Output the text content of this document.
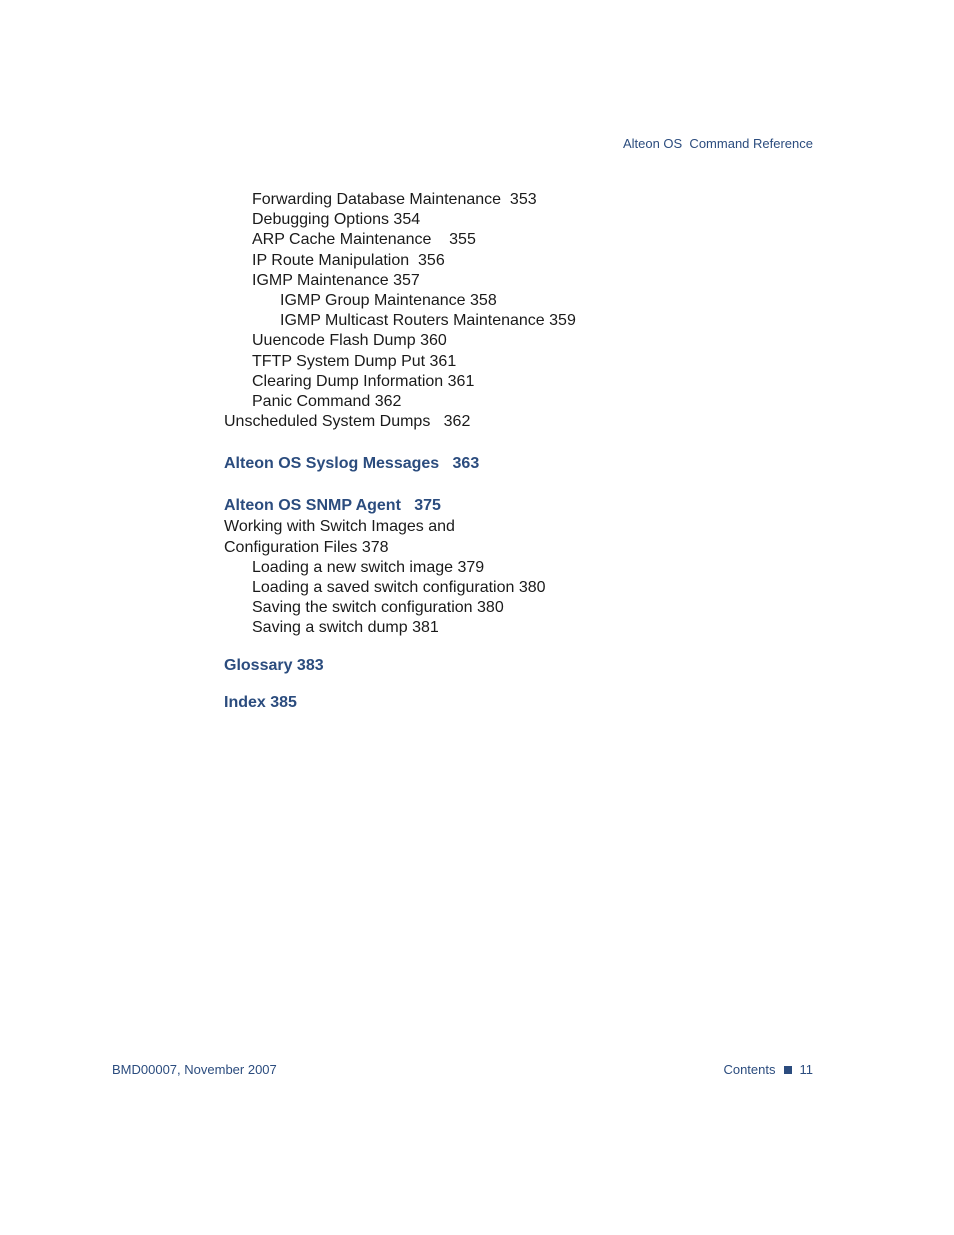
Alteon OS  Command Reference
Forwarding Database Maintenance  353
Debugging Options 354
ARP Cache Maintenance    355
IP Route Manipulation  356
IGMP Maintenance 357
IGMP Group Maintenance 358
IGMP Multicast Routers Maintenance 359
Uuencode Flash Dump 360
TFTP System Dump Put 361
Clearing Dump Information 361
Panic Command 362
Unscheduled System Dumps   362
Alteon OS Syslog Messages   363
Alteon OS SNMP Agent   375
Working with Switch Images and
Configuration Files 378
Loading a new switch image 379
Loading a saved switch configuration 380
Saving the switch configuration 380
Saving a switch dump 381
Glossary 383
Index 385
BMD00007, November 2007	Contents 11
